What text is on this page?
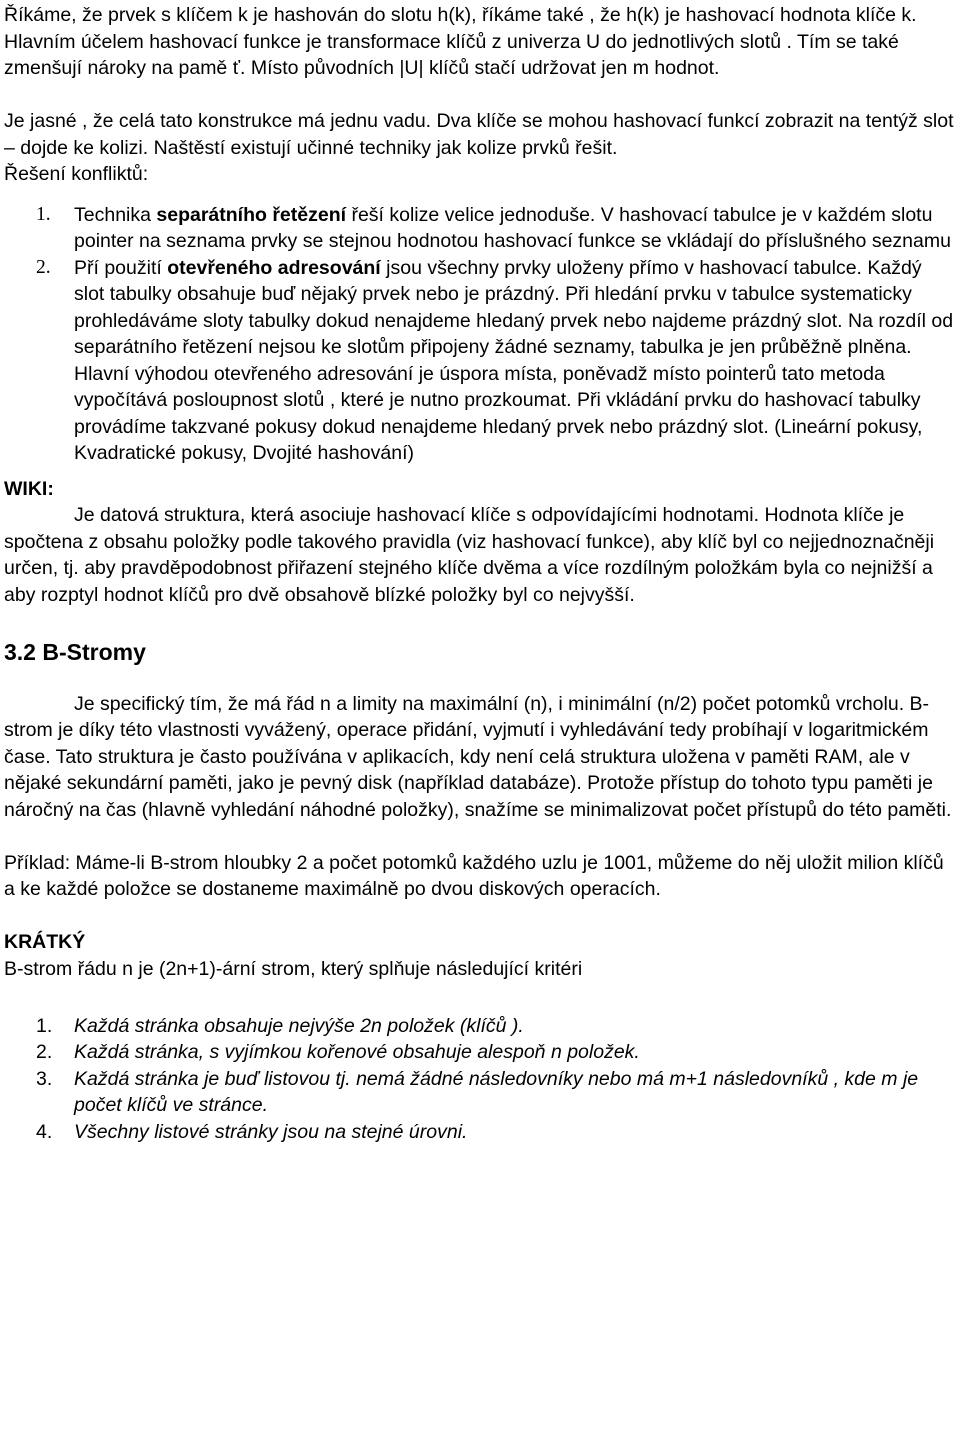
Říkáme, že prvek s klíčem k je hashován do slotu h(k), říkáme také , že h(k) je hashovací hodnota klíče k. Hlavním účelem hashovací funkce je transformace klíčů z univerza U do jednotlivých slotů . Tím se také zmenšují nároky na pamě ť. Místo původních |U| klíčů stačí udržovat jen m hodnot.

Je jasné , že celá tato konstrukce má jednu vadu. Dva klíče se mohou hashovací funkcí zobrazit na tentýž slot – dojde ke kolizi. Naštěstí existují učinné techniky jak kolize prvků řešit.

Řešení konfliktů:

1. Technika separátního řetězení řeší kolize velice jednoduše. V hashovací tabulce je v každém slotu pointer na seznama prvky se stejnou hodnotou hashovací funkce se vkládají do příslušného seznamu
2. Pří použití otevřeného adresování jsou všechny prvky uloženy přímo v hashovací tabulce. Každý slot tabulky obsahuje buď nějaký prvek nebo je prázdný. Při hledání prvku v tabulce systematicky prohledáváme sloty tabulky dokud nenajdeme hledaný prvek nebo najdeme prázdný slot. Na rozdíl od separátního řetězení nejsou ke slotům připojeny žádné seznamy, tabulka je jen průběžně plněna. Hlavní výhodou otevřeného adresování je úspora místa, poněvadž místo pointerů tato metoda vypočítává posloupnost slotů , které je nutno prozkoumat. Při vkládání prvku do hashovací tabulky provádíme takzvané pokusy dokud nenajdeme hledaný prvek nebo prázdný slot. (Lineární pokusy, Kvadratické pokusy, Dvojité hashování)

WIKI:

Je datová struktura, která asociuje hashovací klíče s odpovídajícími hodnotami. Hodnota klíče je spočtena z obsahu položky podle takového pravidla (viz hashovací funkce), aby klíč byl co nejjednoznačněji určen, tj. aby pravděpodobnost přiřazení stejného klíče dvěma a více rozdílným položkám byla co nejnižší a aby rozptyl hodnot klíčů pro dvě obsahově blízké položky byl co nejvyšší.

3.2 B-Stromy

Je specifický tím, že má řád n a limity na maximální (n), i minimální (n/2) počet potomků vrcholu. B-strom je díky této vlastnosti vyvážený, operace přidání, vyjmutí i vyhledávání tedy probíhají v logaritmickém čase. Tato struktura je často používána v aplikacích, kdy není celá struktura uložena v paměti RAM, ale v nějaké sekundární paměti, jako je pevný disk (například databáze). Protože přístup do tohoto typu paměti je náročný na čas (hlavně vyhledání náhodné položky), snažíme se minimalizovat počet přístupů do této paměti.

Příklad: Máme-li B-strom hloubky 2 a počet potomků každého uzlu je 1001, můžeme do něj uložit milion klíčů a ke každé položce se dostaneme maximálně po dvou diskových operacích.

KRÁTKÝ

B-strom řádu n je (2n+1)-ární strom, který splňuje následující kritéri

1. Každá stránka obsahuje nejvýše 2n položek (klíčů ).
2. Každá stránka, s vyjímkou kořenové obsahuje alespoň n položek.
3. Každá stránka je buď listovou tj. nemá žádné následovníky nebo má m+1 následovníků , kde m je počet klíčů ve stránce.
4. Všechny listové stránky jsou na stejné úrovni.
